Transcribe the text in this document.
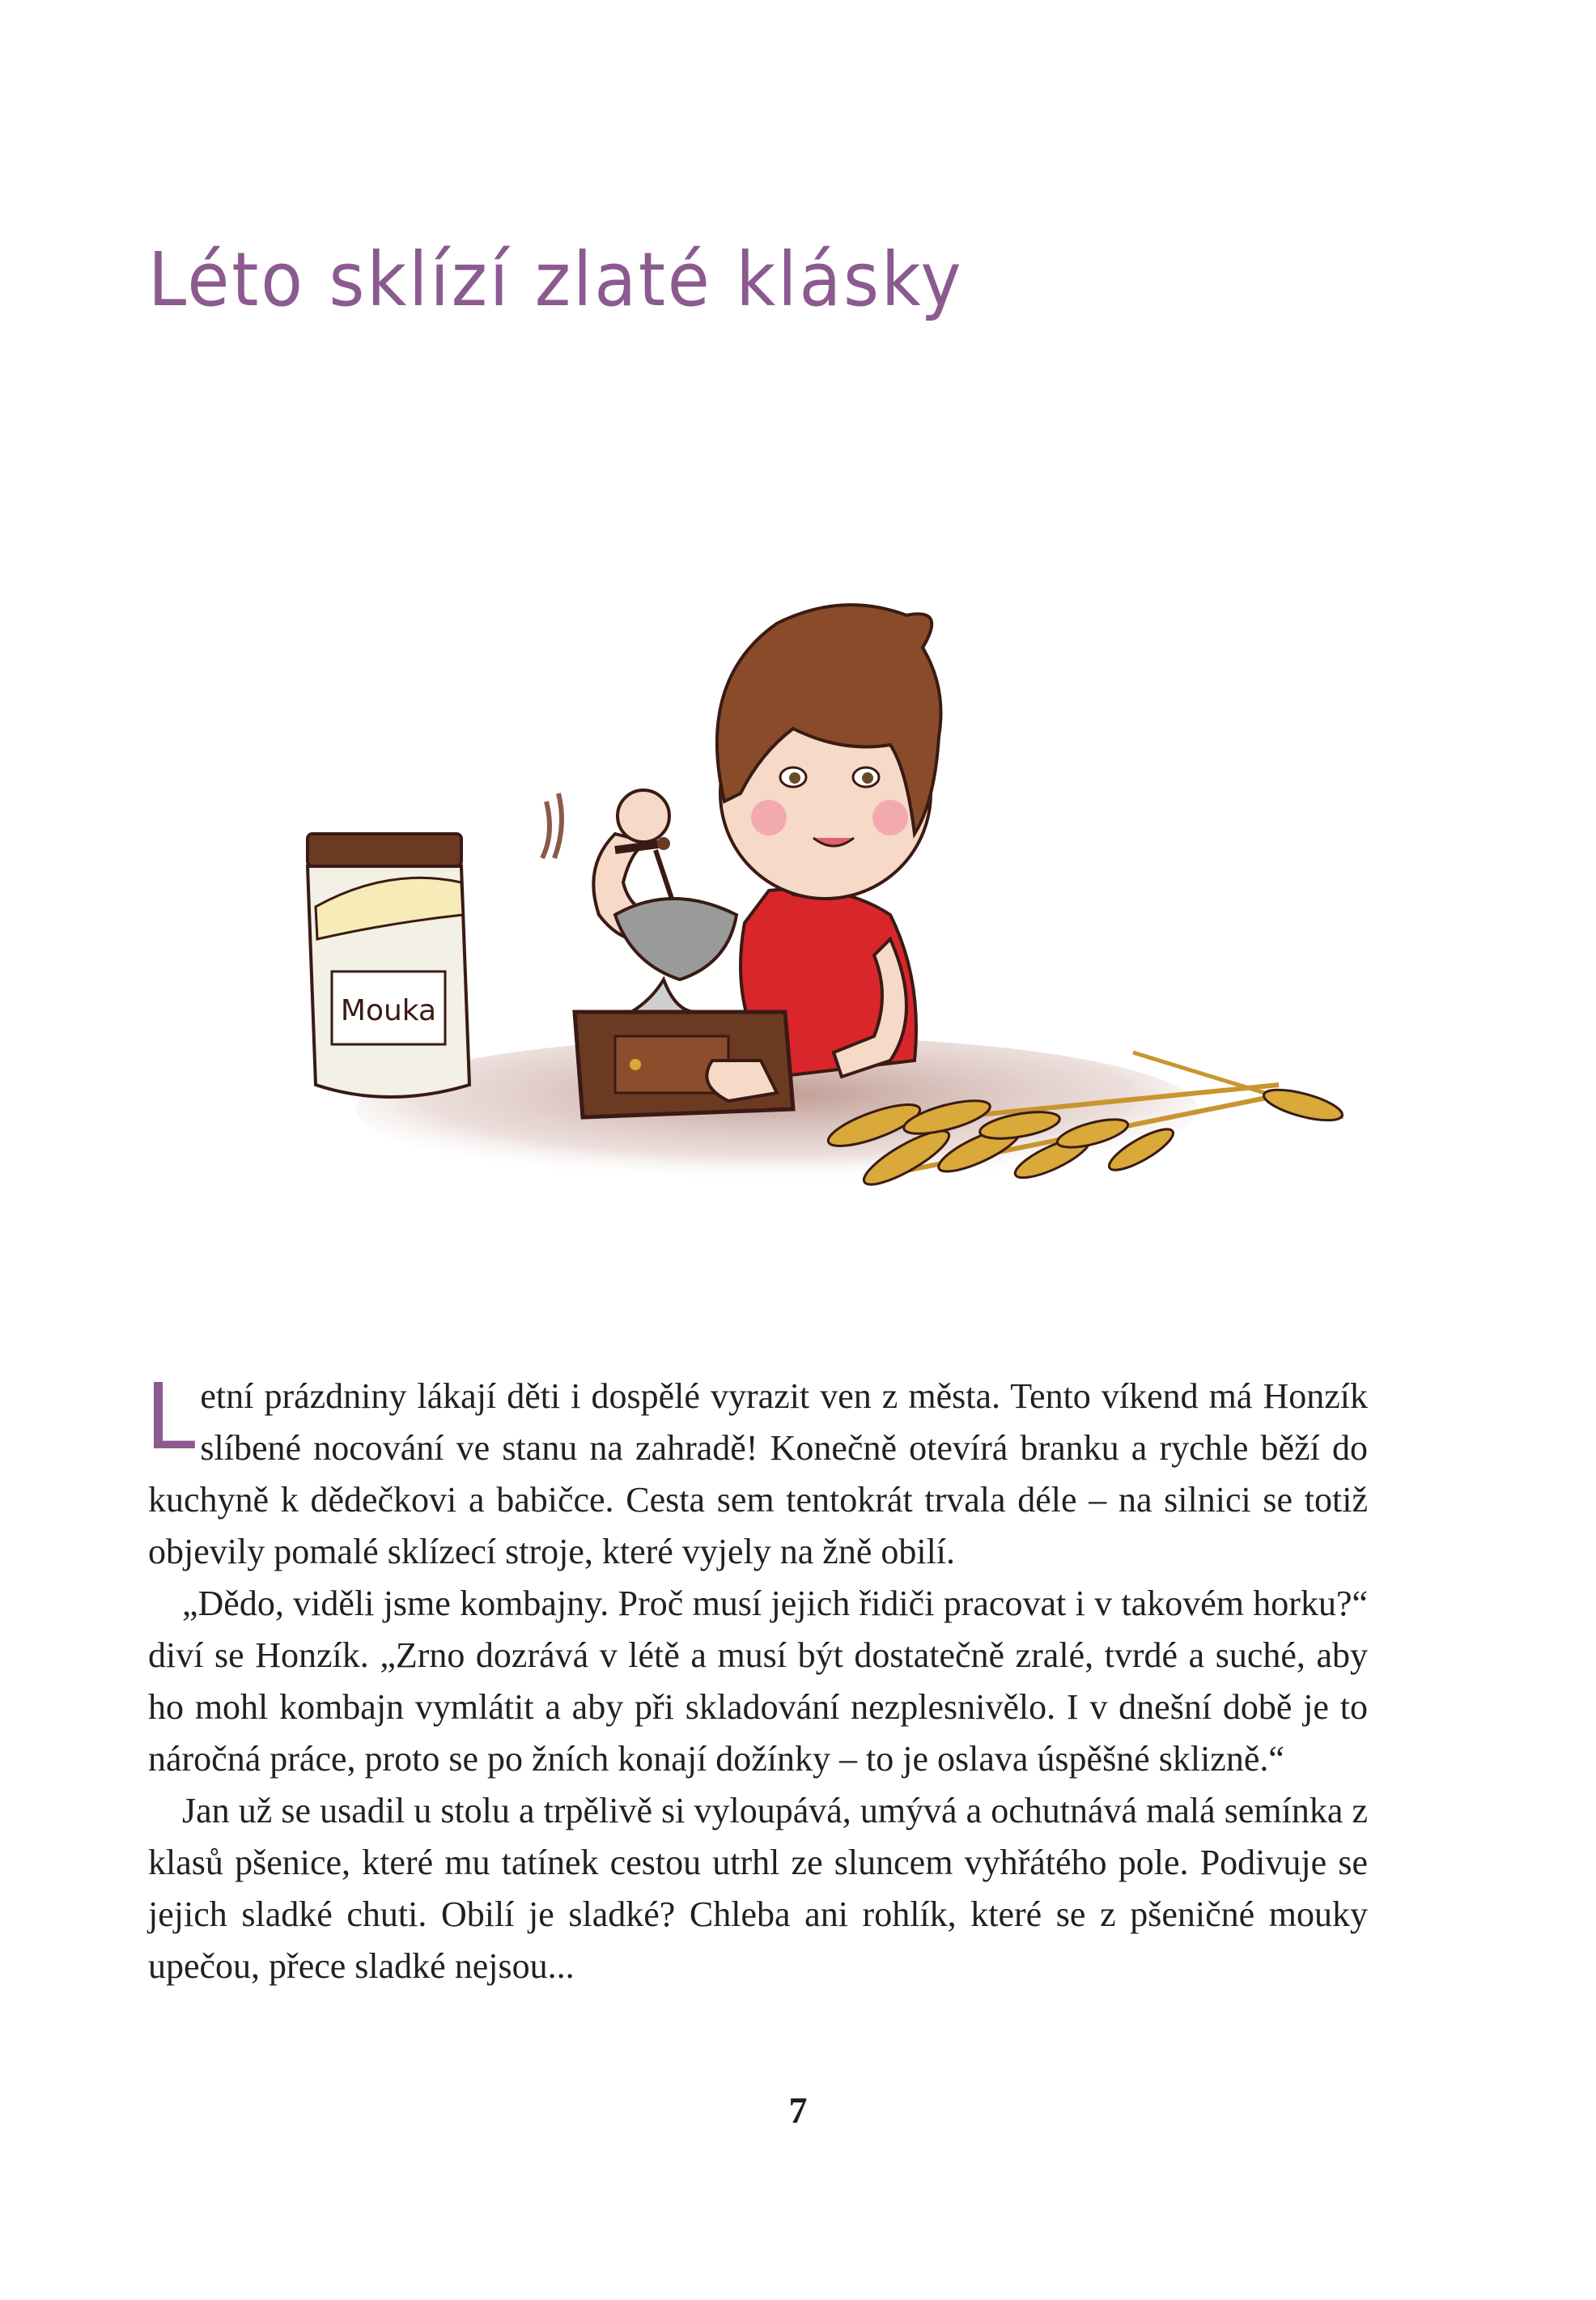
Léto sklízí zlaté klásky
Mouka

Letní prázdniny lákají děti i dospělé vyrazit ven z města. Tento víkend má Honzík slíbené nocování ve stanu na zahradě! Konečně otevírá branku a rychle běží do kuchyně k dědečkovi a babičce. Cesta sem tentokrát trvala déle – na silnici se totiž objevily pomalé sklízecí stroje, které vyjely na žně obilí.

„Dědo, viděli jsme kombajny. Proč musí jejich řidiči pracovat i v takovém horku?“ diví se Honzík. „Zrno dozrává v létě a musí být dostatečně zralé, tvrdé a suché, aby ho mohl kombajn vymlátit a aby při skladování nezplesnivělo. I v dnešní době je to náročná práce, proto se po žních konají dožínky – to je oslava úspěšné sklizně.“

Jan už se usadil u stolu a trpělivě si vyloupává, umývá a ochutnává malá semínka z klasů pšenice, které mu tatínek cestou utrhl ze sluncem vyhřátého pole. Podivuje se jejich sladké chuti. Obilí je sladké? Chleba ani rohlík, které se z pšeničné mouky upečou, přece sladké nejsou...

7
